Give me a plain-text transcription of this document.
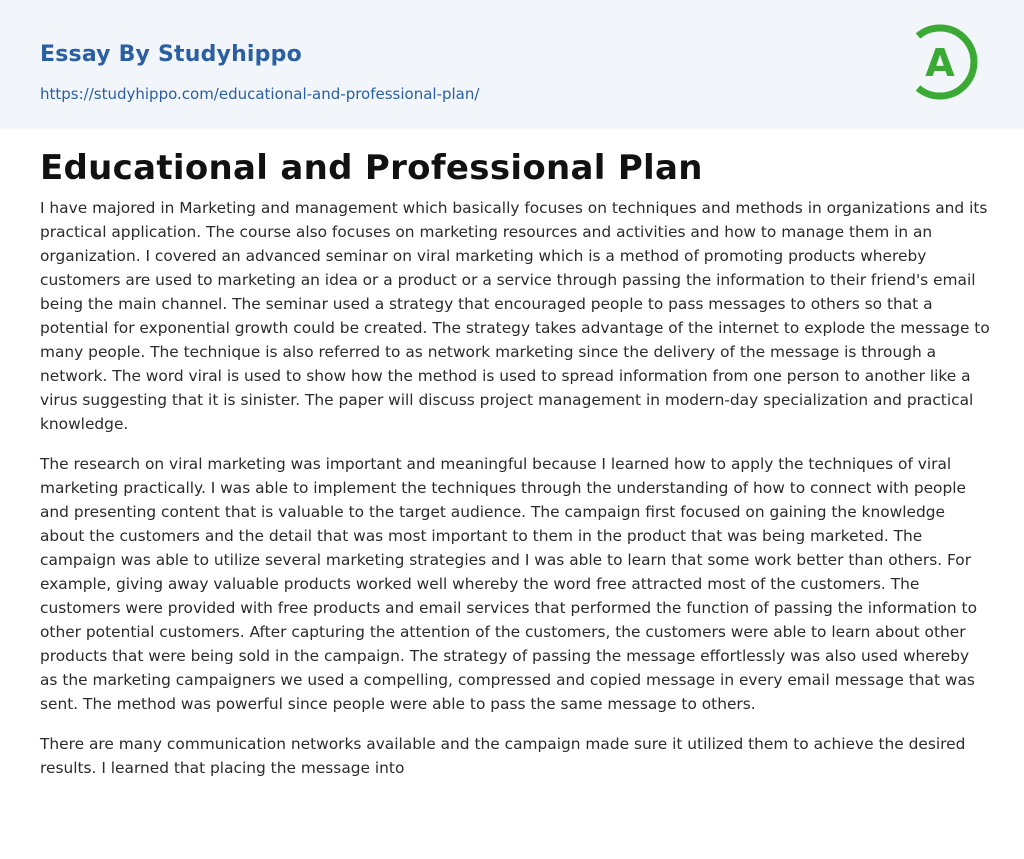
Essay By Studyhippo
https://studyhippo.com/educational-and-professional-plan/
A
Educational and Professional Plan

I have majored in Marketing and management which basically focuses on techniques and methods in organizations and its practical application. The course also focuses on marketing resources and activities and how to manage them in an organization. I covered an advanced seminar on viral marketing which is a method of promoting products whereby customers are used to marketing an idea or a product or a service through passing the information to their friend's email being the main channel. The seminar used a strategy that encouraged people to pass messages to others so that a potential for exponential growth could be created. The strategy takes advantage of the internet to explode the message to many people. The technique is also referred to as network marketing since the delivery of the message is through a network. The word viral is used to show how the method is used to spread information from one person to another like a virus suggesting that it is sinister. The paper will discuss project management in modern-day specialization and practical knowledge.

The research on viral marketing was important and meaningful because I learned how to apply the techniques of viral marketing practically. I was able to implement the techniques through the understanding of how to connect with people and presenting content that is valuable to the target audience. The campaign first focused on gaining the knowledge about the customers and the detail that was most important to them in the product that was being marketed. The campaign was able to utilize several marketing strategies and I was able to learn that some work better than others. For example, giving away valuable products worked well whereby the word free attracted most of the customers. The customers were provided with free products and email services that performed the function of passing the information to other potential customers. After capturing the attention of the customers, the customers were able to learn about other products that were being sold in the campaign. The strategy of passing the message effortlessly was also used whereby as the marketing campaigners we used a compelling, compressed and copied message in every email message that was sent. The method was powerful since people were able to pass the same message to others.

There are many communication networks available and the campaign made sure it utilized them to achieve the desired results. I learned that placing the message into
